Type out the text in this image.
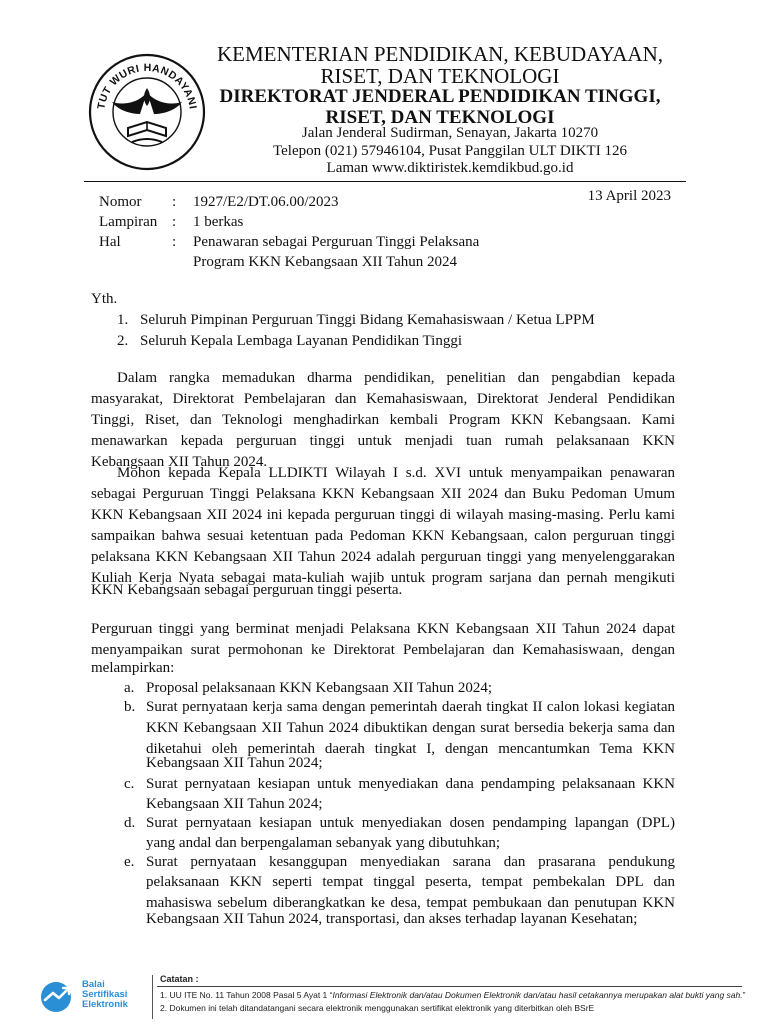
TUT WURI HANDAYANI
KEMENTERIAN PENDIDIKAN, KEBUDAYAAN,
RISET, DAN TEKNOLOGI
DIREKTORAT JENDERAL PENDIDIKAN TINGGI,
RISET, DAN TEKNOLOGI
Jalan Jenderal Sudirman, Senayan, Jakarta 10270
Telepon (021) 57946104, Pusat Panggilan ULT DIKTI 126
Laman www.diktiristek.kemdikbud.go.id
13 April 2023
Nomor : 1927/E2/DT.06.00/2023
Lampiran : 1 berkas
Hal	: Penawaran sebagai Perguruan Tinggi Pelaksana
Program KKN Kebangsaan XII Tahun 2024
Yth.
1. Seluruh Pimpinan Perguruan Tinggi Bidang Kemahasiswaan / Ketua LPPM
2. Seluruh Kepala Lembaga Layanan Pendidikan Tinggi
Dalam rangka memadukan dharma pendidikan, penelitian dan pengabdian kepada
masyarakat, Direktorat Pembelajaran dan Kemahasiswaan, Direktorat Jenderal Pendidikan
Tinggi, Riset, dan Teknologi menghadirkan kembali Program KKN Kebangsaan. Kami
menawarkan kepada perguruan tinggi untuk menjadi tuan rumah pelaksanaan KKN
Kebangsaan XII Tahun 2024.
Mohon kepada Kepala LLDIKTI Wilayah I s.d. XVI untuk menyampaikan penawaran
sebagai Perguruan Tinggi Pelaksana KKN Kebangsaan XII 2024 dan Buku Pedoman Umum
KKN Kebangsaan XII 2024 ini kepada perguruan tinggi di wilayah masing-masing. Perlu kami
sampaikan bahwa sesuai ketentuan pada Pedoman KKN Kebangsaan, calon perguruan tinggi
pelaksana KKN Kebangsaan XII Tahun 2024 adalah perguruan tinggi yang menyelenggarakan
Kuliah Kerja Nyata sebagai mata-kuliah wajib untuk program sarjana dan pernah mengikuti
KKN Kebangsaan sebagai perguruan tinggi peserta.
Perguruan tinggi yang berminat menjadi Pelaksana KKN Kebangsaan XII Tahun 2024 dapat
menyampaikan surat permohonan ke Direktorat Pembelajaran dan Kemahasiswaan, dengan
melampirkan:
a. Proposal pelaksanaan KKN Kebangsaan XII Tahun 2024;
b. Surat pernyataan kerja sama dengan pemerintah daerah tingkat II calon lokasi kegiatan
KKN Kebangsaan XII Tahun 2024 dibuktikan dengan surat bersedia bekerja sama dan
diketahui oleh pemerintah daerah tingkat I, dengan mencantumkan Tema KKN
Kebangsaan XII Tahun 2024;
c. Surat pernyataan kesiapan untuk menyediakan dana pendamping pelaksanaan KKN
Kebangsaan XII Tahun 2024;
d. Surat pernyataan kesiapan untuk menyediakan dosen pendamping lapangan (DPL)
yang andal dan berpengalaman sebanyak yang dibutuhkan;
e. Surat pernyataan kesanggupan menyediakan sarana dan prasarana pendukung
pelaksanaan KKN seperti tempat tinggal peserta, tempat pembekalan DPL dan
mahasiswa sebelum diberangkatkan ke desa, tempat pembukaan dan penutupan KKN
Kebangsaan XII Tahun 2024, transportasi, dan akses terhadap layanan Kesehatan;
Balai
Sertifikasi
Elektronik
Catatan :
1. UU ITE No. 11 Tahun 2008 Pasal 5 Ayat 1 “Informasi Elektronik dan/atau Dokumen Elektronik dan/atau hasil cetakannya merupakan alat bukti yang sah.”
2. Dokumen ini telah ditandatangani secara elektronik menggunakan sertifikat elektronik yang diterbitkan oleh BSrE
